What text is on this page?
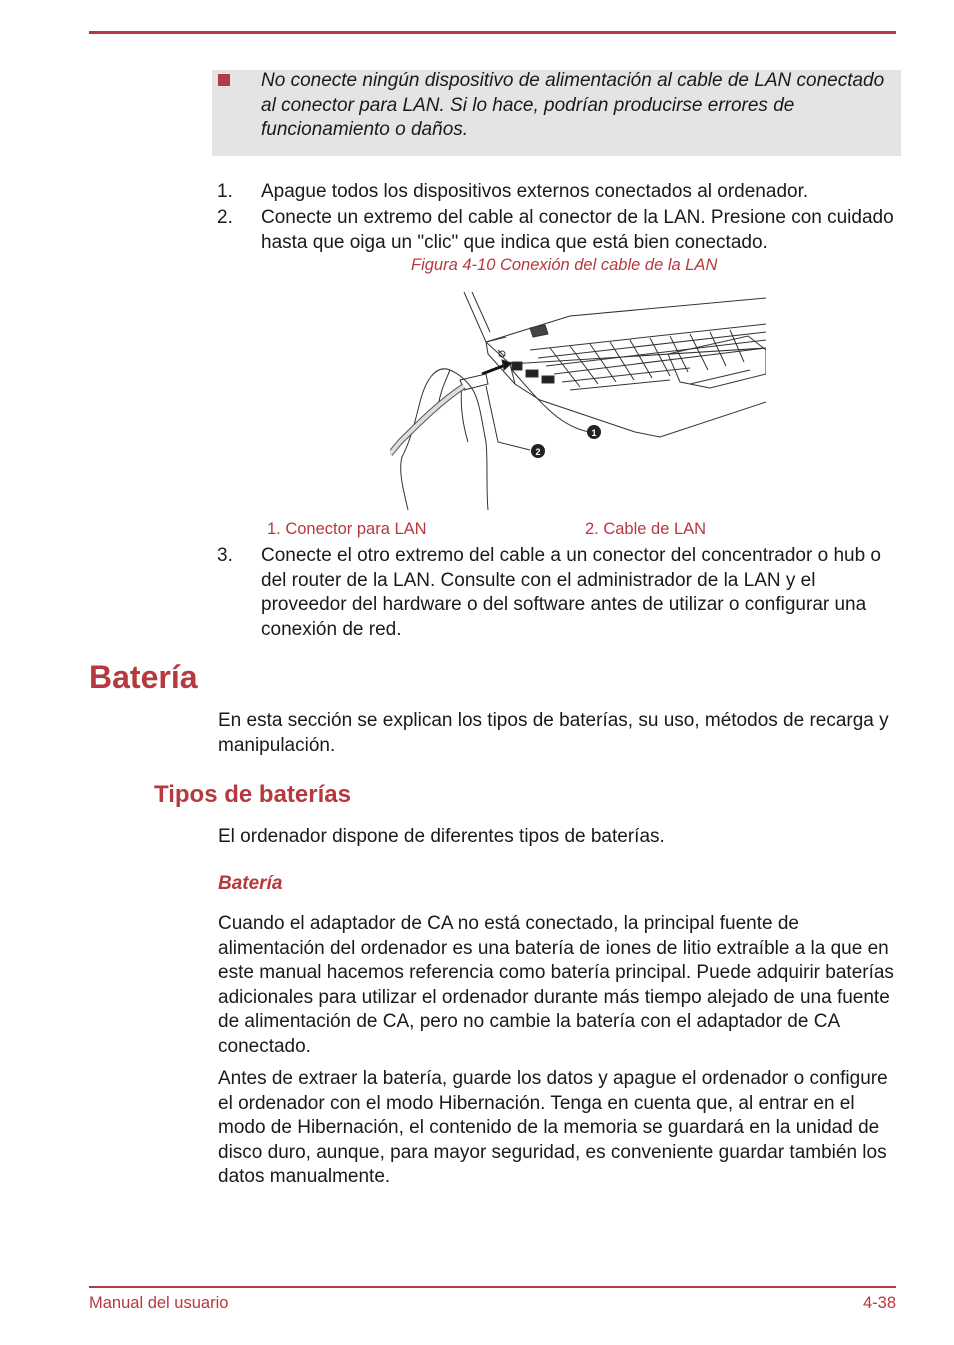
No conecte ningún dispositivo de alimentación al cable de LAN conectado al conector para LAN. Si lo hace, podrían producirse errores de funcionamiento o daños.
1. Apague todos los dispositivos externos conectados al ordenador.
2. Conecte un extremo del cable al conector de la LAN. Presione con cuidado hasta que oiga un "clic" que indica que está bien conectado.
Figura 4-10 Conexión del cable de la LAN
1
2
1. Conector para LAN	2. Cable de LAN
3. Conecte el otro extremo del cable a un conector del concentrador o hub o del router de la LAN. Consulte con el administrador de la LAN y el proveedor del hardware o del software antes de utilizar o configurar una conexión de red.
Batería
En esta sección se explican los tipos de baterías, su uso, métodos de recarga y manipulación.
Tipos de baterías
El ordenador dispone de diferentes tipos de baterías.
Batería
Cuando el adaptador de CA no está conectado, la principal fuente de alimentación del ordenador es una batería de iones de litio extraíble a la que en este manual hacemos referencia como batería principal. Puede adquirir baterías adicionales para utilizar el ordenador durante más tiempo alejado de una fuente de alimentación de CA, pero no cambie la batería con el adaptador de CA conectado.
Antes de extraer la batería, guarde los datos y apague el ordenador o configure el ordenador con el modo Hibernación. Tenga en cuenta que, al entrar en el modo de Hibernación, el contenido de la memoria se guardará en la unidad de disco duro, aunque, para mayor seguridad, es conveniente guardar también los datos manualmente.
Manual del usuario	4-38
